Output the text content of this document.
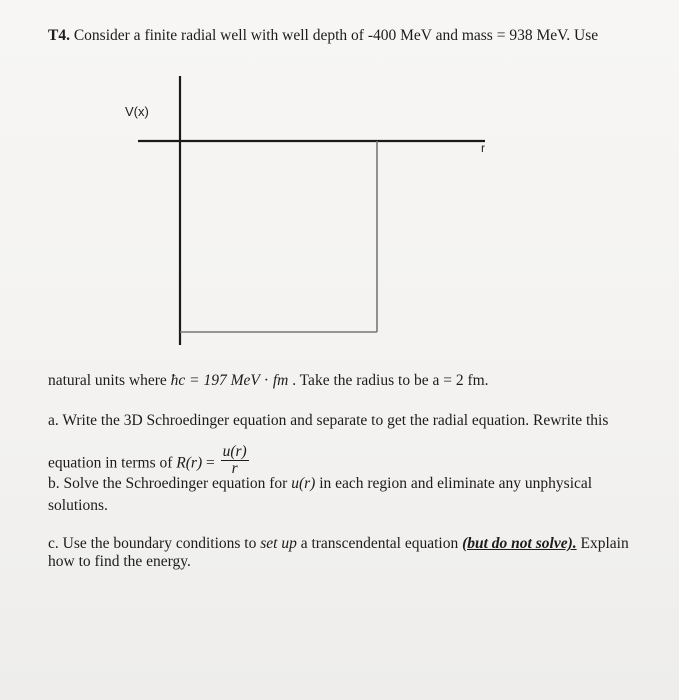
T4. Consider a finite radial well with well depth of -400 MeV and mass = 938 MeV. Use
V(x)
r
natural units where ħc = 197 MeV · fm . Take the radius to be a = 2 fm.
a. Write the 3D Schroedinger equation and separate to get the radial equation. Rewrite this
equation in terms of $R(r) = \frac{u(r)}{r}$
b. Solve the Schroedinger equation for u(r) in each region and eliminate any unphysical
solutions.
c. Use the boundary conditions to set up a transcendental equation (but do not solve). Explain
how to find the energy.
